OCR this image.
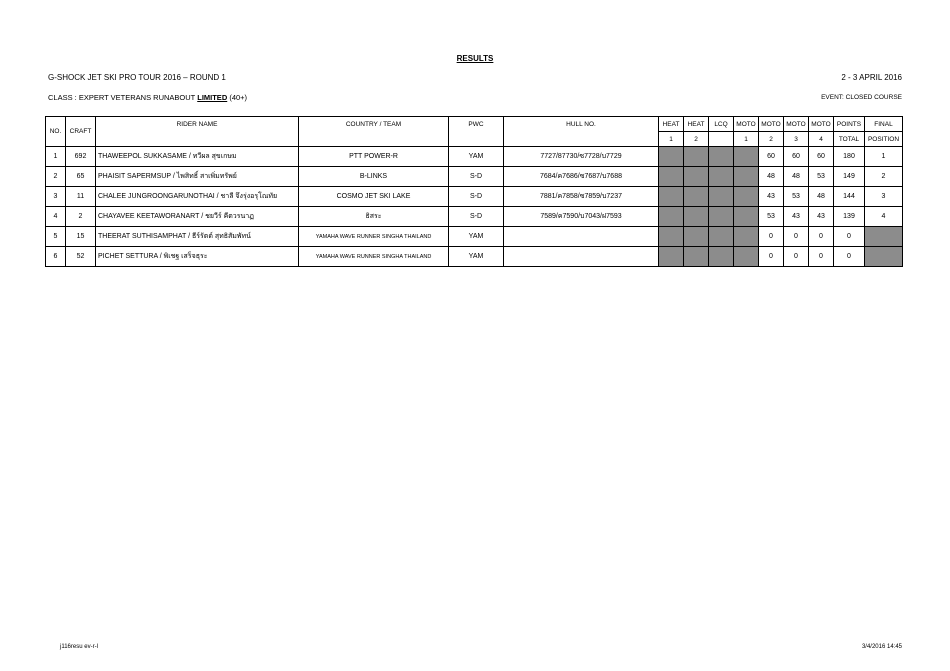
RESULTS
G-SHOCK JET SKI PRO TOUR 2016 – ROUND 1	2 - 3 APRIL 2016
CLASS : EXPERT VETERANS RUNABOUT LIMITED (40+)	EVENT: CLOSED COURSE
NO.	CRAFT	RIDER NAME	COUNTRY / TEAM	PWC	HULL NO.	HEAT	HEAT	LCQ	MOTO	MOTO	MOTO	MOTO	POINTS	FINAL
						1	2		1	2	3	4	TOTAL	POSITION
1	692	THAWEEPOL SUKKASAME / ทวีผล สุขเกษม	PTT POWER-R	YAM	7727/87730/ซ7728/บ7729					60	60	60	180	1
2	65	PHAISIT SAPERMSUP / ไพสิทธิ์ สาเพิ่มทรัพย์	B-LINKS	S-D	7684/ค7686/ซ7687/บ7688					48	48	53	149	2
3	11	CHALEE JUNGROONGARUNOTHAI / ชาลี จึงรุ่งอรุโณทัย	COSMO JET SKI LAKE	S-D	7881/ค7858/ซ7859/บ7237					43	53	48	144	3
4	2	CHAYAVEE KEETAWORANART / ชยวีร์ คีตวรนาฏ	ธิสระ	S-D	7589/ค7590/บ7043/ฝ7593					53	43	43	139	4
5	15	THEERAT SUTHISAMPHAT / ธีร์รัตต์ สุทธิสัมพัทน์	YAMAHA WAVE RUNNER SINGHA THAILAND	YAM						0	0	0	0	
6	52	PICHET SETTURA / พิเชฐ เสร็จธุระ	YAMAHA WAVE RUNNER SINGHA THAILAND	YAM						0	0	0	0	
j116resu ev-r-l	3/4/2016 14:45
